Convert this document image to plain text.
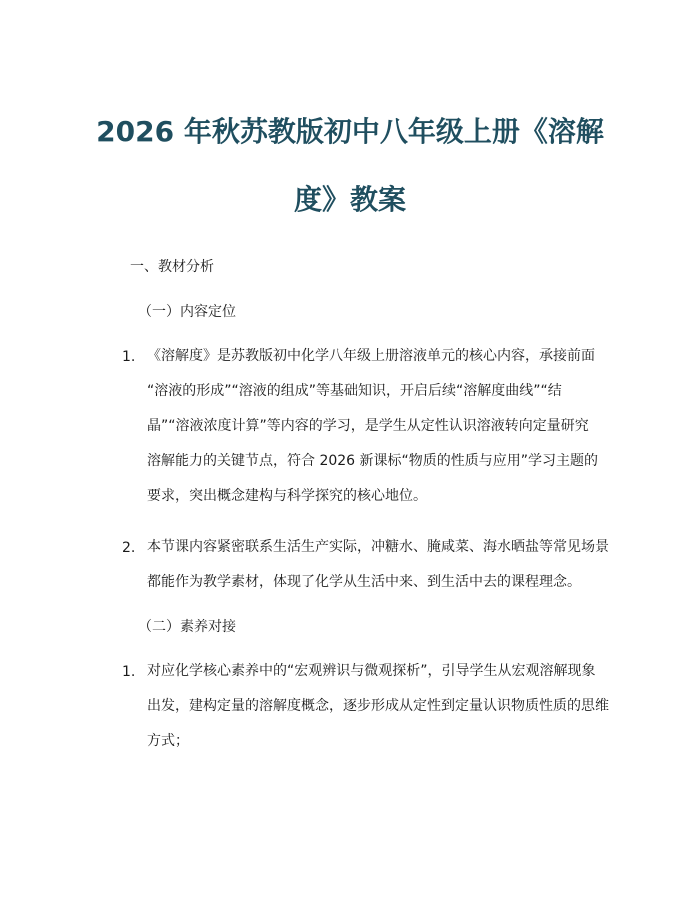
2026 年秋苏教版初中八年级上册《溶解
度》教案
一、教材分析
（一）内容定位
1. 《溶解度》是苏教版初中化学八年级上册溶液单元的核心内容，承接前面
“溶液的形成”“溶液的组成”等基础知识，开启后续“溶解度曲线”“结
晶”“溶液浓度计算”等内容的学习，是学生从定性认识溶液转向定量研究
溶解能力的关键节点，符合 2026 新课标“物质的性质与应用”学习主题的
要求，突出概念建构与科学探究的核心地位。
2. 本节课内容紧密联系生活生产实际，冲糖水、腌咸菜、海水晒盐等常见场景
都能作为教学素材，体现了化学从生活中来、到生活中去的课程理念。
（二）素养对接
1. 对应化学核心素养中的“宏观辨识与微观探析”，引导学生从宏观溶解现象
出发，建构定量的溶解度概念，逐步形成从定性到定量认识物质性质的思维
方式；
